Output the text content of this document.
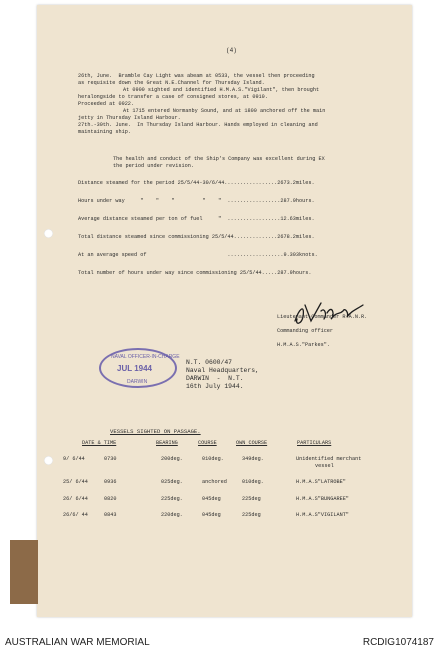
(4)
26th, June.  Bramble Cay Light was abeam at 0533, the vessel then proceeding
as requisite down the Great N.E.Channel for Thursday Island.
At 0900 sighted and identified H.M.A.S."Vigilant", then brought
heralongside to transfer a case of consigned stores, at 0910.
Proceeded at 0922.
At 1715 entered Normanby Sound, and at 1800 anchored off the main
jetty in Thursday Island Harbour.
27th.-30th. June.  In Thursday Island Harbour. Hands employed in cleaning and
maintaining ship.
The health and conduct of the Ship's Company was excellent during EX
the period under revision.
Distance steamed for the period 25/5/44-30/6/44.................2673.2miles.
Hours under way     "    "    "         "    "  .................287.9hours.
Average distance steamed per ton of fuel     "  .................12.63miles.
Total distance steamed since commissioning 25/5/44..............2678.2miles.
At an average speed of                          ..................9.303knots.
Total number of hours under way since commissioning 25/5/44.....287.9hours.
Lieutenant-Commander R.A.N.R.
Commanding officer
H.M.A.S."Parkes".
NAVAL OFFICER-IN-CHARGE
JUL 1944
DARWIN
N.T. 0600/47
Naval Headquarters,
DARWIN  -  N.T.
16th July 1944.
VESSELS SIGHTED ON PASSAGE.
DATE & TIME	BEARING	COURSE	OWN COURSE	PARTICULARS
9/ 6/44	0730	200deg.	010deg.	349deg.	Unidentified merchant
vessel
25/ 6/44	0936	025deg.	anchored	010deg.	H.M.A.S"LATROBE"
26/ 6/44	0820	225deg.	045deg	225deg	H.M.A.S"BUNGAREE"
26/6/ 44	0843	220deg.	045deg	225deg	H.M.A.S"VIGILANT"
AUSTRALIAN WAR MEMORIAL	RCDIG1074187
